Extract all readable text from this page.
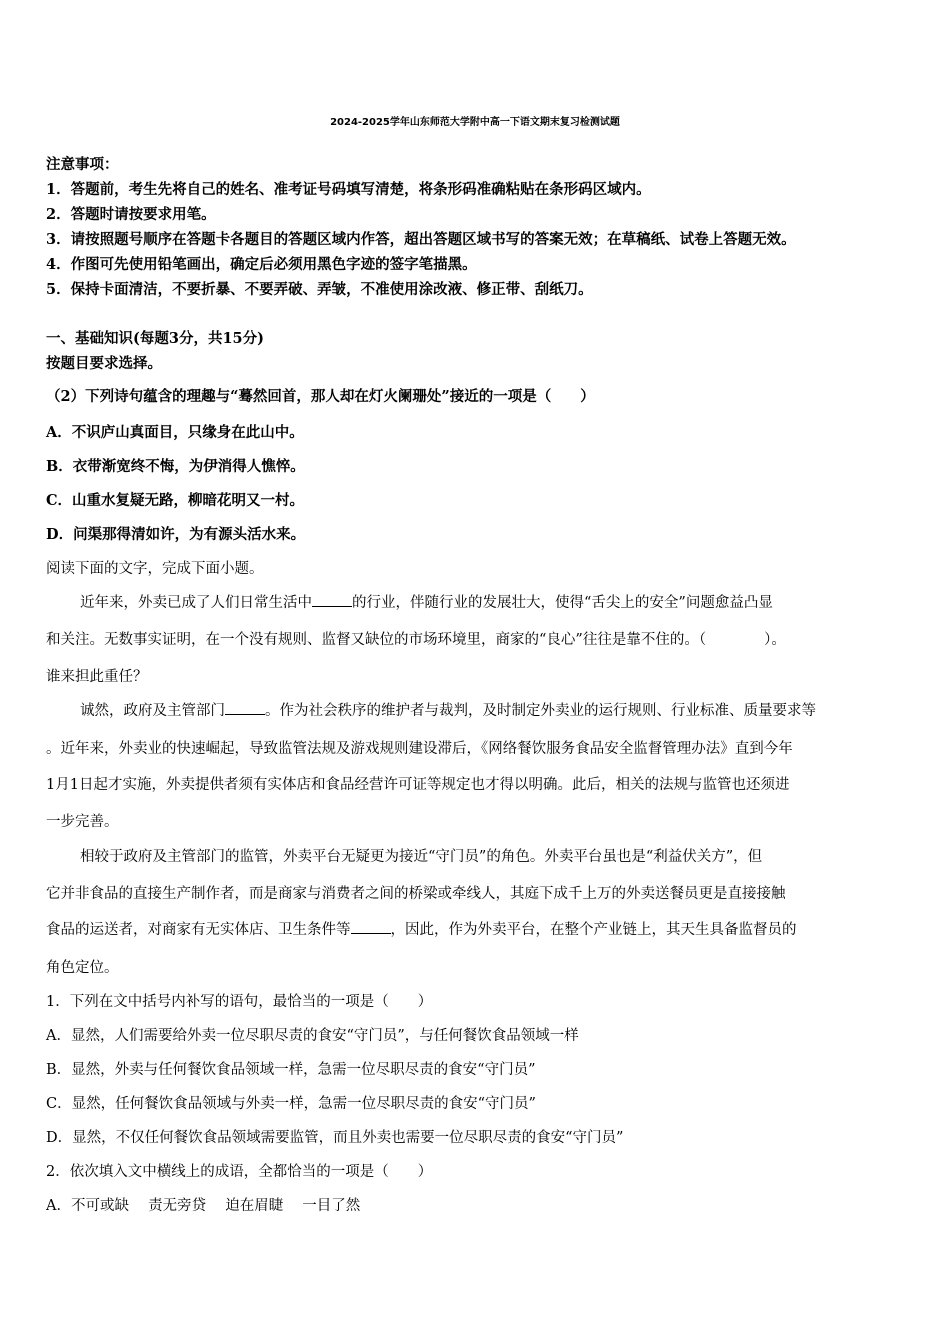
2024-2025学年山东师范大学附中高一下语文期末复习检测试题
注意事项：
1．答题前，考生先将自己的姓名、准考证号码填写清楚，将条形码准确粘贴在条形码区域内。
2．答题时请按要求用笔。
3．请按照题号顺序在答题卡各题目的答题区域内作答，超出答题区域书写的答案无效；在草稿纸、试卷上答题无效。
4．作图可先使用铅笔画出，确定后必须用黑色字迹的签字笔描黑。
5．保持卡面清洁，不要折暴、不要弄破、弄皱，不准使用涂改液、修正带、刮纸刀。
一、基础知识(每题3分，共15分)
按题目要求选择。
（2）下列诗句蕴含的理趣与“蓦然回首，那人却在灯火阑珊处”接近的一项是（　　）
A．不识庐山真面目，只缘身在此山中。
B．衣带渐宽终不悔，为伊消得人憔悴。
C．山重水复疑无路，柳暗花明又一村。
D．问渠那得清如许，为有源头活水来。
阅读下面的文字，完成下面小题。
近年来，外卖已成了人们日常生活中	的行业，伴随行业的发展壮大，使得“舌尖上的安全”问题愈益凸显
和关注。无数事实证明，在一个没有规则、监督又缺位的市场环境里，商家的“良心”往往是靠不住的。（　　　　）。
谁来担此重任？
诚然，政府及主管部门	。作为社会秩序的维护者与裁判，及时制定外卖业的运行规则、行业标准、质量要求等
。近年来，外卖业的快速崛起，导致监管法规及游戏规则建设滞后，《网络餐饮服务食品安全监督管理办法》直到今年
1月1日起才实施，外卖提供者须有实体店和食品经营许可证等规定也才得以明确。此后，相关的法规与监管也还须进
一步完善。
相较于政府及主管部门的监管，外卖平台无疑更为接近“守门员”的角色。外卖平台虽也是“利益伏关方”，但
它并非食品的直接生产制作者，而是商家与消费者之间的桥梁或牵线人，其庭下成千上万的外卖送餐员更是直接接触
食品的运送者，对商家有无实体店、卫生条件等	，因此，作为外卖平台，在整个产业链上，其天生具备监督员的
角色定位。
1．下列在文中括号内补写的语句，最恰当的一项是（　　）
A．显然，人们需要给外卖一位尽职尽责的食安“守门员”，与任何餐饮食品领域一样
B．显然，外卖与任何餐饮食品领域一样，急需一位尽职尽责的食安“守门员”
C．显然，任何餐饮食品领域与外卖一样，急需一位尽职尽责的食安“守门员”
D．显然，不仅任何餐饮食品领域需要监管，而且外卖也需要一位尽职尽责的食安“守门员”
2．依次填入文中横线上的成语，全都恰当的一项是（　　）
A．不可或缺　 责无旁贷　 迫在眉睫　 一目了然
